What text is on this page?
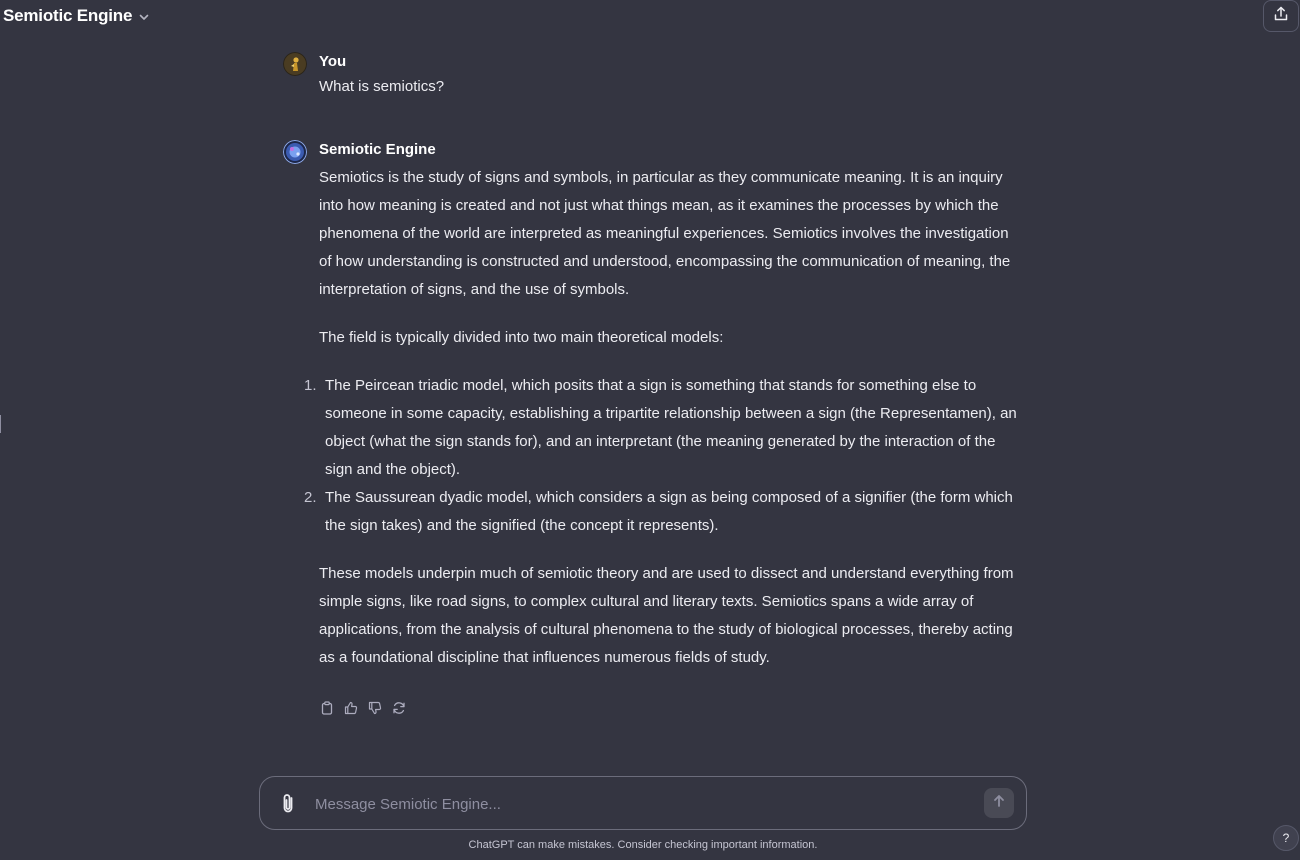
Semiotic Engine
You
What is semiotics?
Semiotic Engine

Semiotics is the study of signs and symbols, in particular as they communicate meaning. It is an inquiry into how meaning is created and not just what things mean, as it examines the processes by which the phenomena of the world are interpreted as meaningful experiences. Semiotics involves the investigation of how understanding is constructed and understood, encompassing the communication of meaning, the interpretation of signs, and the use of symbols.

The field is typically divided into two main theoretical models:

1. The Peircean triadic model, which posits that a sign is something that stands for something else to someone in some capacity, establishing a tripartite relationship between a sign (the Representamen), an object (what the sign stands for), and an interpretant (the meaning generated by the interaction of the sign and the object).
2. The Saussurean dyadic model, which considers a sign as being composed of a signifier (the form which the sign takes) and the signified (the concept it represents).

These models underpin much of semiotic theory and are used to dissect and understand everything from simple signs, like road signs, to complex cultural and literary texts. Semiotics spans a wide array of applications, from the analysis of cultural phenomena to the study of biological processes, thereby acting as a foundational discipline that influences numerous fields of study.

Message Semiotic Engine...
ChatGPT can make mistakes. Consider checking important information.	?
